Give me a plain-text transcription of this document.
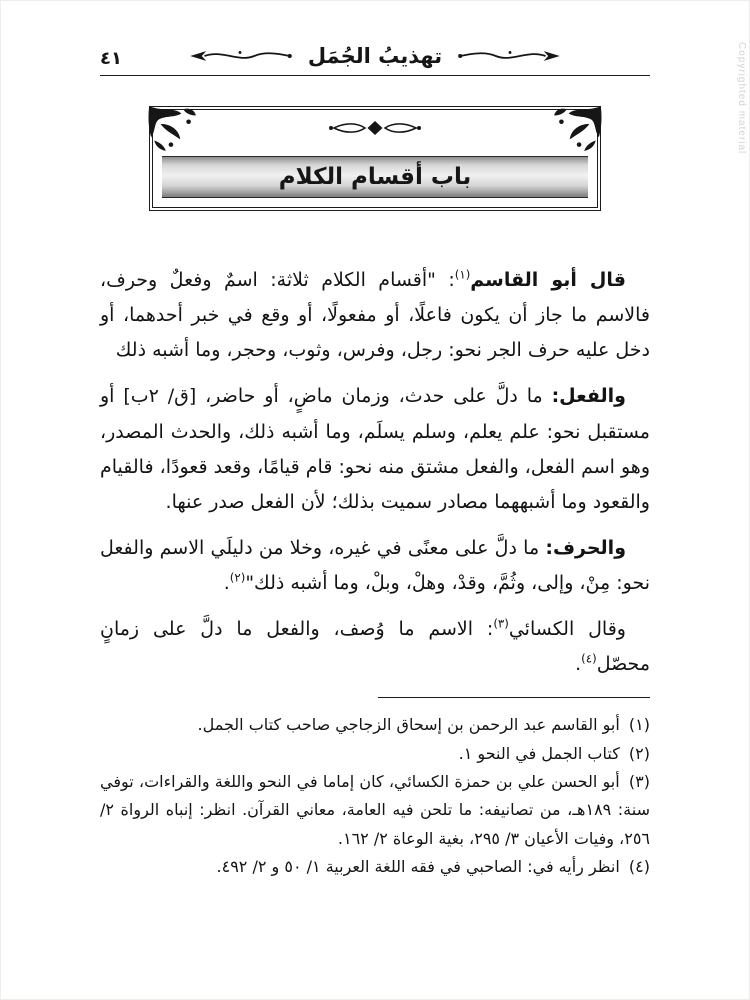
Copyrighted material
٤١	تهذيبُ الجُمَل
باب أقسام الكلام

قال أبو القاسم$^{(١)}$: "أقسام الكلام ثلاثة: اسمٌ وفعلٌ وحرف، فالاسم ما جاز أن يكون فاعلًا، أو مفعولًا، أو وقع في خبر أحدهما، أو دخل عليه حرف الجر نحو: رجل، وفرس، وثوب، وحجر، وما أشبه ذلك

والفعل: ما دلَّ على حدث، وزمان ماضٍ، أو حاضر، [ق/ ٢ب] أو مستقبل نحو: علم يعلم، وسلم يسلَم، وما أشبه ذلك، والحدث المصدر، وهو اسم الفعل، والفعل مشتق منه نحو: قام قيامًا، وقعد قعودًا، فالقيام والقعود وما أشبههما مصادر سميت بذلك؛ لأن الفعل صدر عنها.

والحرف: ما دلَّ على معنًى في غيره، وخلا من دليلَي الاسم والفعل نحو: مِنْ، وإلى، وثُمَّ، وقدْ، وهلْ، وبلْ، وما أشبه ذلك"$^{(٢)}$.

وقال الكسائي$^{(٣)}$: الاسم ما وُصف، والفعل ما دلَّ على زمانٍ محصّل$^{(٤)}$.

(١) أبو القاسم عبد الرحمن بن إسحاق الزجاجي صاحب كتاب الجمل.
(٢) كتاب الجمل في النحو ١.
(٣) أبو الحسن علي بن حمزة الكسائي، كان إماما في النحو واللغة والقراءات، توفي سنة: ١٨٩هـ، من تصانيفه: ما تلحن فيه العامة، معاني القرآن. انظر: إنباه الرواة ٢/ ٢٥٦، وفيات الأعيان ٣/ ٢٩٥، بغية الوعاة ٢/ ١٦٢.
(٤) انظر رأيه في: الصاحبي في فقه اللغة العربية ١/ ٥٠ و ٢/ ٤٩٢.
